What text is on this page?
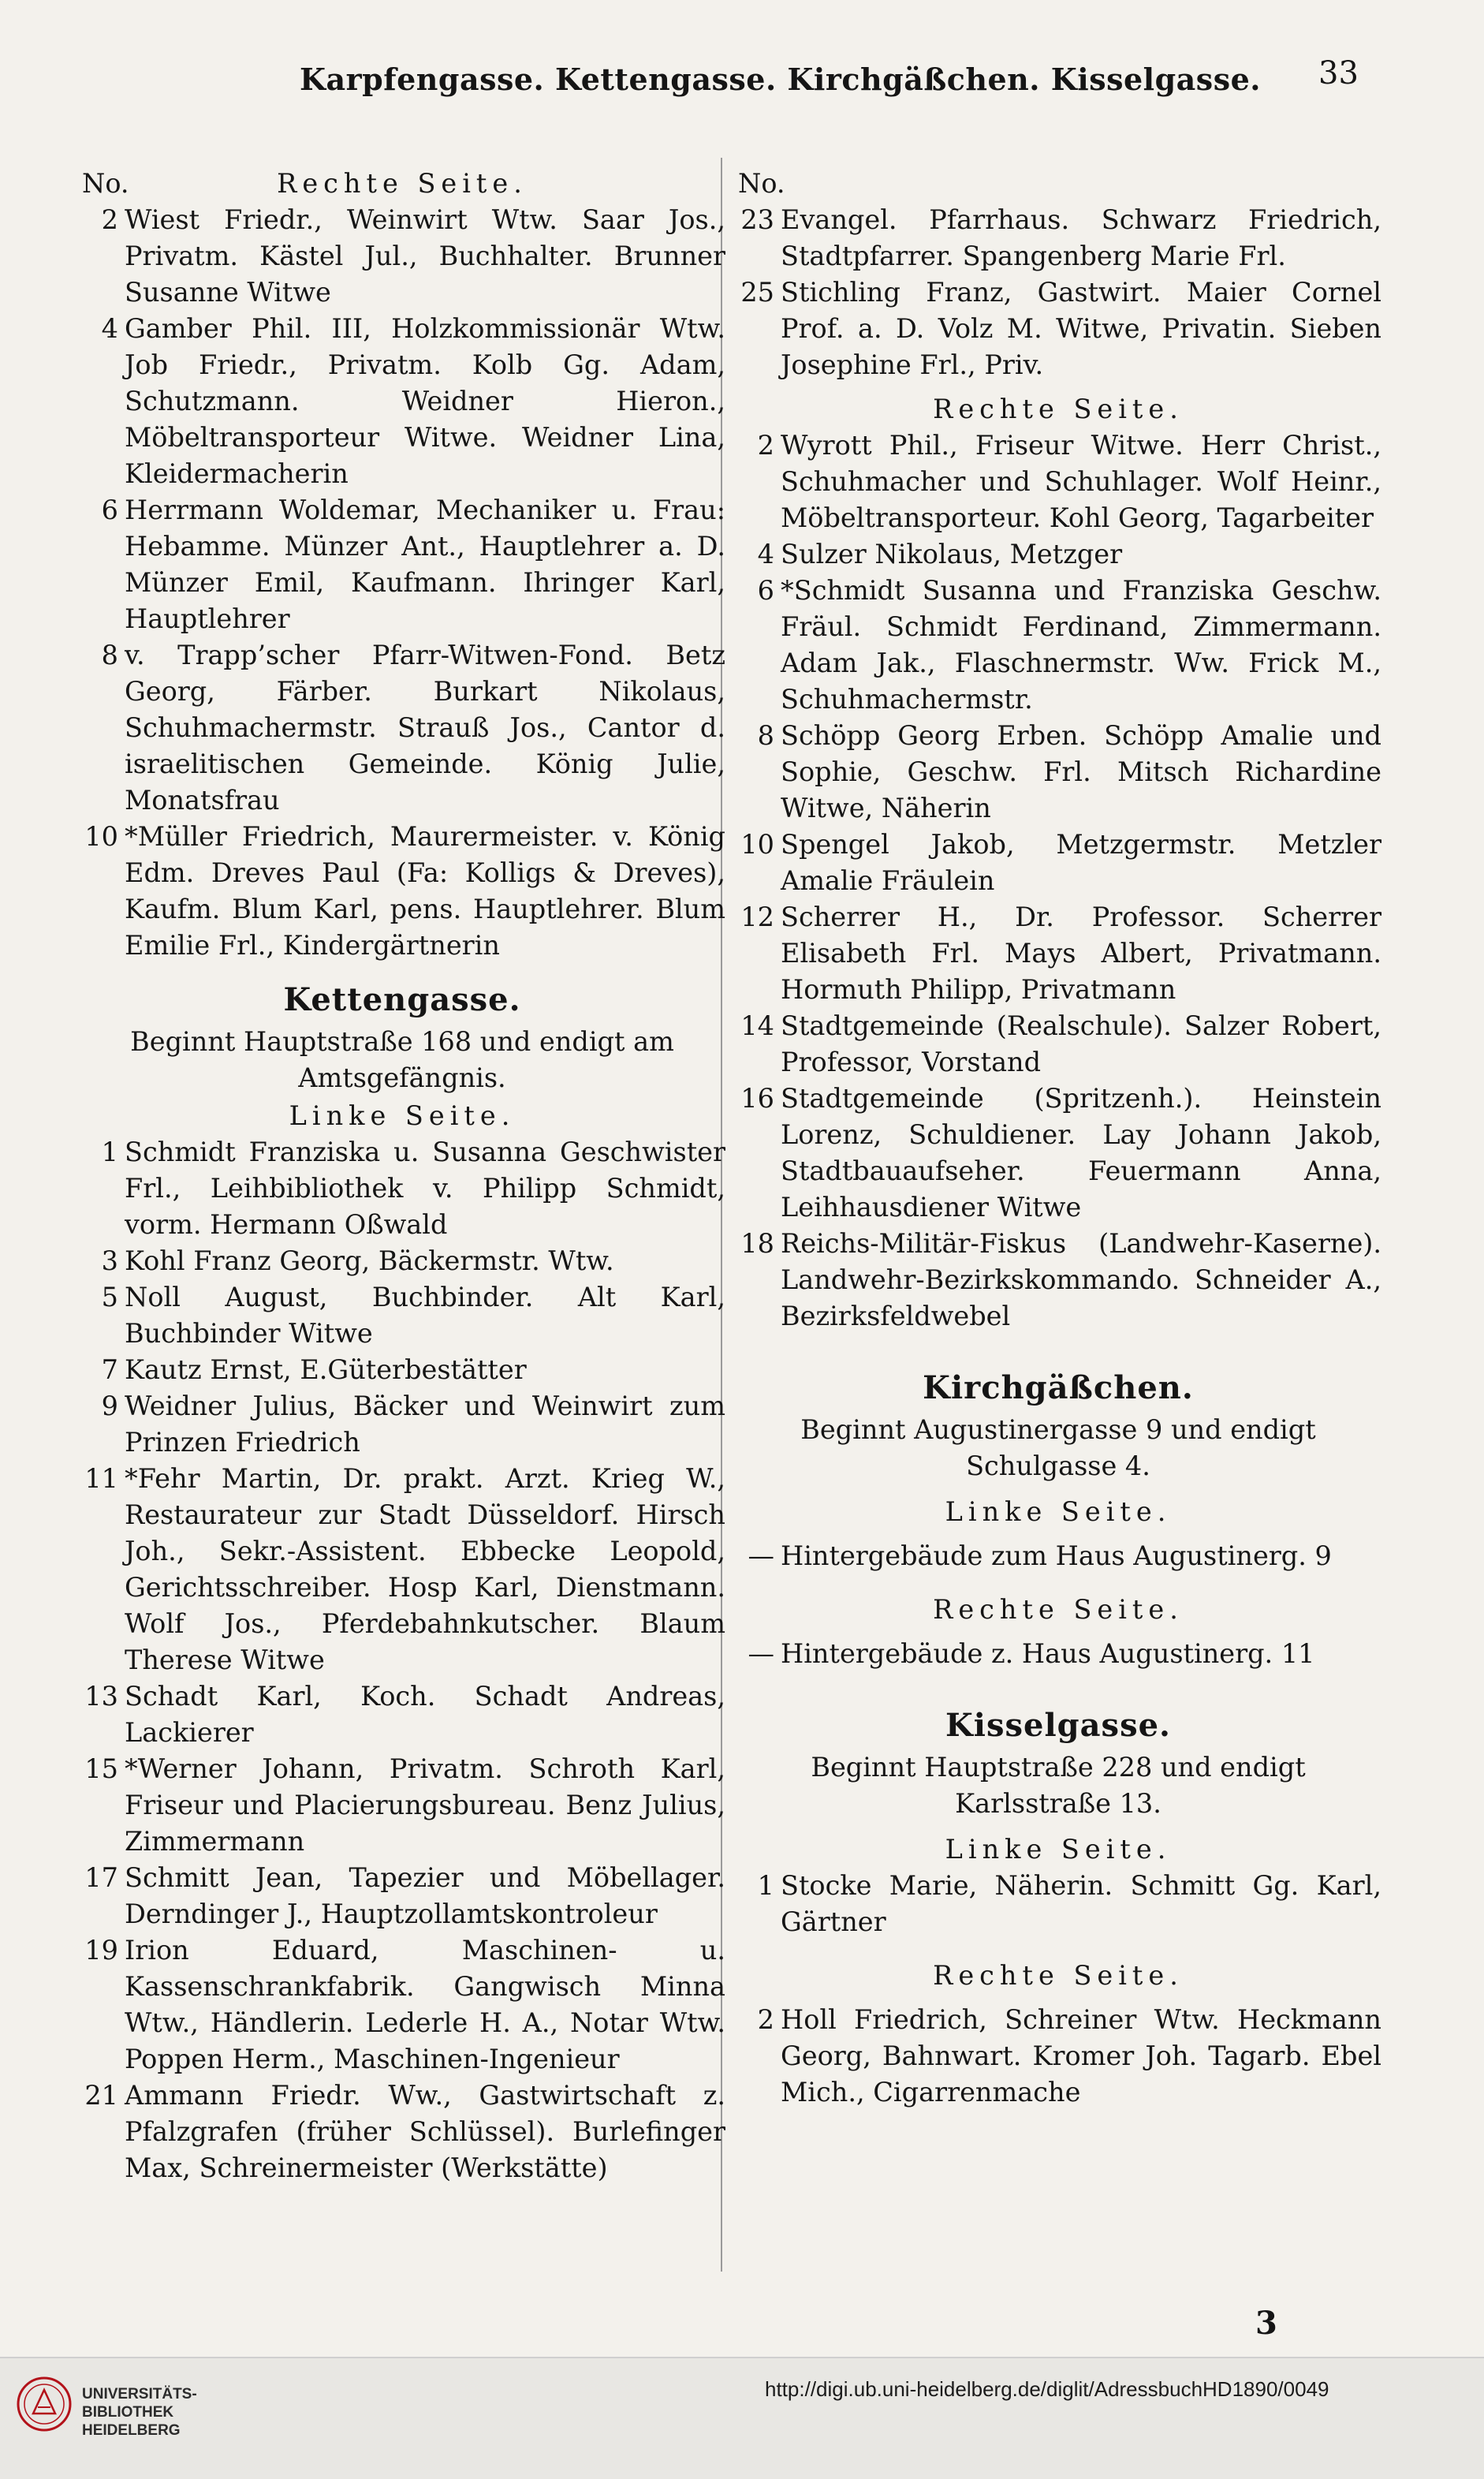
Karpfengasse. Kettengasse. Kirchgäßchen. Kisselgasse. 33
No.	Rechte Seite.

2 Wiest Friedr., Weinwirt Wtw. Saar Jos., Privatm. Kästel Jul., Buchhalter. Brunner Susanne Witwe
4 Gamber Phil. III, Holzkommissionär Wtw. Job Friedr., Privatm. Kolb Gg. Adam, Schutzmann. Weidner Hieron., Möbeltransporteur Witwe. Weidner Lina, Kleidermacherin
6 Herrmann Woldemar, Mechaniker u. Frau: Hebamme. Münzer Ant., Hauptlehrer a. D. Münzer Emil, Kaufmann. Ihringer Karl, Hauptlehrer
8 v. Trapp’scher Pfarr-Witwen-Fond. Betz Georg, Färber. Burkart Nikolaus, Schuhmachermstr. Strauß Jos., Cantor d. israelitischen Gemeinde. König Julie, Monatsfrau
10 *Müller Friedrich, Maurermeister. v. König Edm. Dreves Paul (Fa: Kolligs & Dreves), Kaufm. Blum Karl, pens. Hauptlehrer. Blum Emilie Frl., Kindergärtnerin
Kettengasse.
Beginnt Hauptstraße 168 und endigt am Amtsgefängnis.

Linke Seite.

1 Schmidt Franziska u. Susanna Geschwister Frl., Leihbibliothek v. Philipp Schmidt, vorm. Hermann Oßwald
3 Kohl Franz Georg, Bäckermstr. Wtw.
5 Noll August, Buchbinder. Alt Karl, Buchbinder Witwe
7 Kautz Ernst, E.Güterbestätter
9 Weidner Julius, Bäcker und Weinwirt zum Prinzen Friedrich
11 *Fehr Martin, Dr. prakt. Arzt. Krieg W., Restaurateur zur Stadt Düsseldorf. Hirsch Joh., Sekr.-Assistent. Ebbecke Leopold, Gerichtsschreiber. Hosp Karl, Dienstmann. Wolf Jos., Pferdebahnkutscher. Blaum Therese Witwe
13 Schadt Karl, Koch. Schadt Andreas, Lackierer
15 *Werner Johann, Privatm. Schroth Karl, Friseur und Placierungsbureau. Benz Julius, Zimmermann
17 Schmitt Jean, Tapezier und Möbellager. Derndinger J., Hauptzollamtskontroleur
19 Irion Eduard, Maschinen- u. Kassenschrankfabrik. Gangwisch Minna Wtw., Händlerin. Lederle H. A., Notar Wtw. Poppen Herm., Maschinen-Ingenieur
21 Ammann Friedr. Ww., Gastwirtschaft z. Pfalzgrafen (früher Schlüssel). Burlefinger Max, Schreinermeister (Werkstätte)
No.
23 Evangel. Pfarrhaus. Schwarz Friedrich, Stadtpfarrer. Spangenberg Marie Frl.
25 Stichling Franz, Gastwirt. Maier Cornel Prof. a. D. Volz M. Witwe, Privatin. Sieben Josephine Frl., Priv.

Rechte Seite.

2 Wyrott Phil., Friseur Witwe. Herr Christ., Schuhmacher und Schuhlager. Wolf Heinr., Möbeltransporteur. Kohl Georg, Tagarbeiter
4 Sulzer Nikolaus, Metzger
6 *Schmidt Susanna und Franziska Geschw. Fräul. Schmidt Ferdinand, Zimmermann. Adam Jak., Flaschnermstr. Ww. Frick M., Schuhmachermstr.
8 Schöpp Georg Erben. Schöpp Amalie und Sophie, Geschw. Frl. Mitsch Richardine Witwe, Näherin
10 Spengel Jakob, Metzgermstr. Metzler Amalie Fräulein
12 Scherrer H., Dr. Professor. Scherrer Elisabeth Frl. Mays Albert, Privatmann. Hormuth Philipp, Privatmann
14 Stadtgemeinde (Realschule). Salzer Robert, Professor, Vorstand
16 Stadtgemeinde (Spritzenh.). Heinstein Lorenz, Schuldiener. Lay Johann Jakob, Stadtbauaufseher. Feuermann Anna, Leihhausdiener Witwe
18 Reichs-Militär-Fiskus (Landwehr-Kaserne). Landwehr-Bezirkskommando. Schneider A., Bezirksfeldwebel
Kirchgäßchen.
Beginnt Augustinergasse 9 und endigt Schulgasse 4.

Linke Seite.

— Hintergebäude zum Haus Augustinerg. 9

Rechte Seite.

— Hintergebäude z. Haus Augustinerg. 11
Kisselgasse.
Beginnt Hauptstraße 228 und endigt Karlsstraße 13.

Linke Seite.

1 Stocke Marie, Näherin. Schmitt Gg. Karl, Gärtner

Rechte Seite.

2 Holl Friedrich, Schreiner Wtw. Heckmann Georg, Bahnwart. Kromer Joh. Tagarb. Ebel Mich., Cigarrenmache
3
UNIVERSITÄTS-
BIBLIOTHEK
HEIDELBERG
http://digi.ub.uni-heidelberg.de/diglit/AdressbuchHD1890/0049
